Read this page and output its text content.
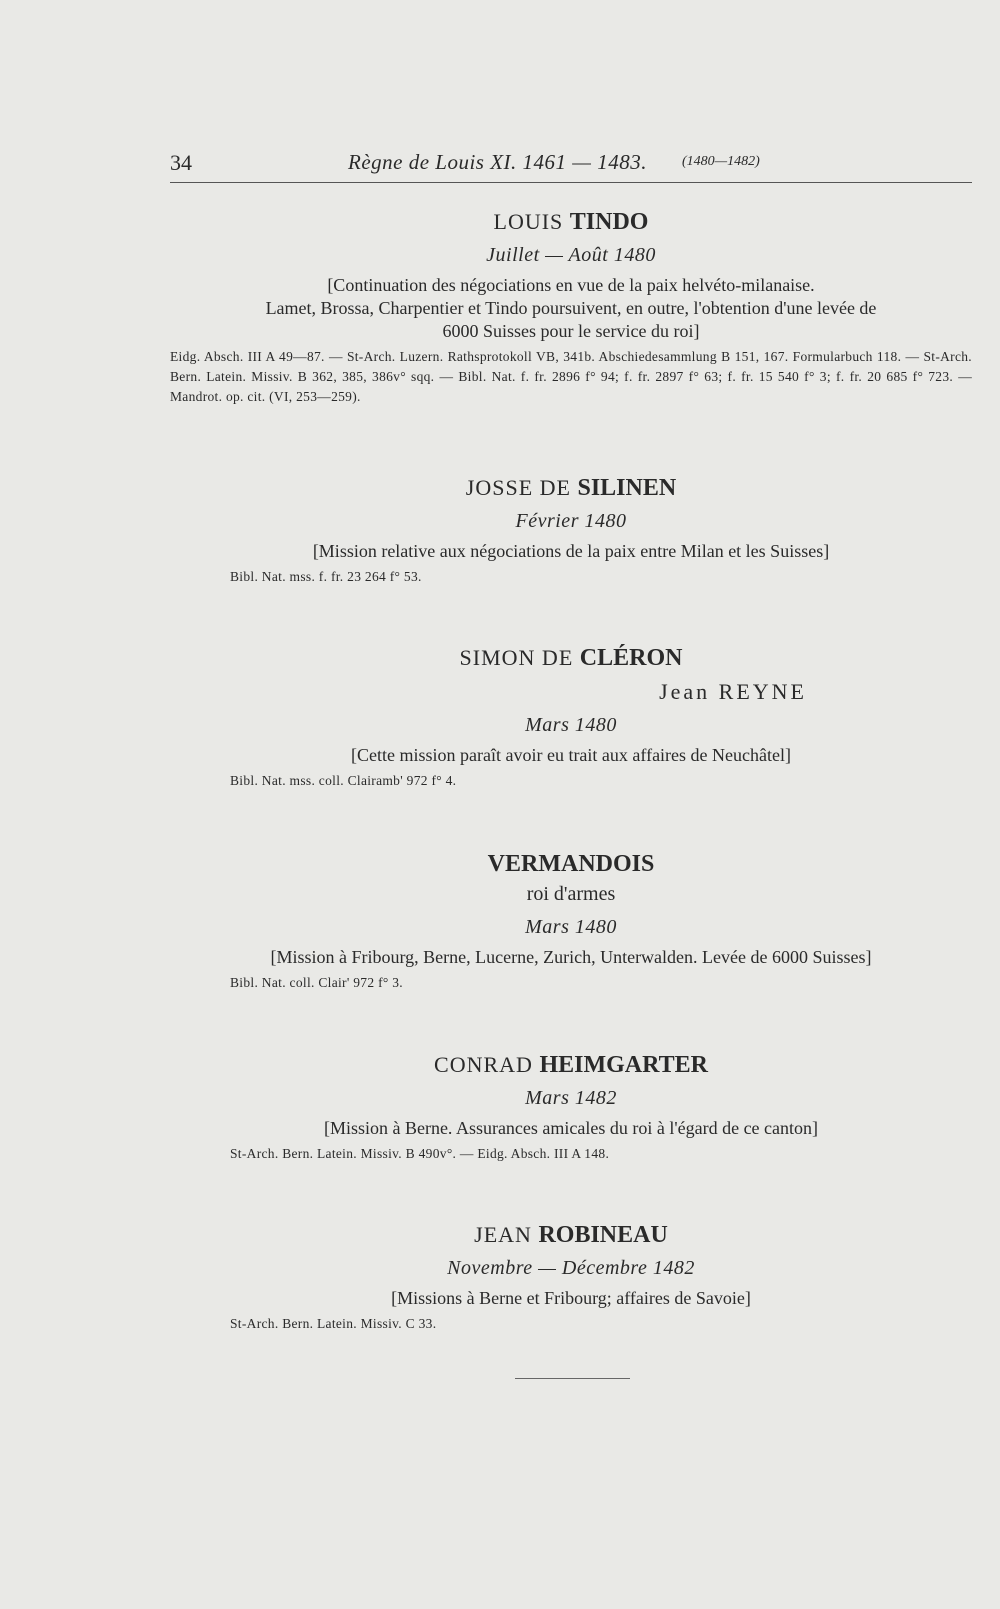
34	Règne de Louis XI. 1461 — 1483.	(1480—1482)
LOUIS TINDO
Juillet — Août 1480
[Continuation des négociations en vue de la paix helvéto-milanaise.
Lamet, Brossa, Charpentier et Tindo poursuivent, en outre, l'obtention d'une levée de
6000 Suisses pour le service du roi]
Eidg. Absch. III A 49—87. — St-Arch. Luzern. Rathsprotokoll VB, 341b. Abschiedesammlung B 151, 167. Formularbuch 118. — St-Arch. Bern. Latein. Missiv. B 362, 385, 386v° sqq. — Bibl. Nat. f. fr. 2896 f° 94; f. fr. 2897 f° 63; f. fr. 15 540 f° 3; f. fr. 20 685 f° 723. — Mandrot. op. cit. (VI, 253—259).
JOSSE DE SILINEN
Février 1480
[Mission relative aux négociations de la paix entre Milan et les Suisses]
Bibl. Nat. mss. f. fr. 23 264 f° 53.
SIMON DE CLÉRON
Jean REYNE
Mars 1480
[Cette mission paraît avoir eu trait aux affaires de Neuchâtel]
Bibl. Nat. mss. coll. Clairamb' 972 f° 4.
VERMANDOIS
roi d'armes
Mars 1480
[Mission à Fribourg, Berne, Lucerne, Zurich, Unterwalden. Levée de 6000 Suisses]
Bibl. Nat. coll. Clair' 972 f° 3.
CONRAD HEIMGARTER
Mars 1482
[Mission à Berne. Assurances amicales du roi à l'égard de ce canton]
St-Arch. Bern. Latein. Missiv. B 490v°. — Eidg. Absch. III A 148.
JEAN ROBINEAU
Novembre — Décembre 1482
[Missions à Berne et Fribourg; affaires de Savoie]
St-Arch. Bern. Latein. Missiv. C 33.
